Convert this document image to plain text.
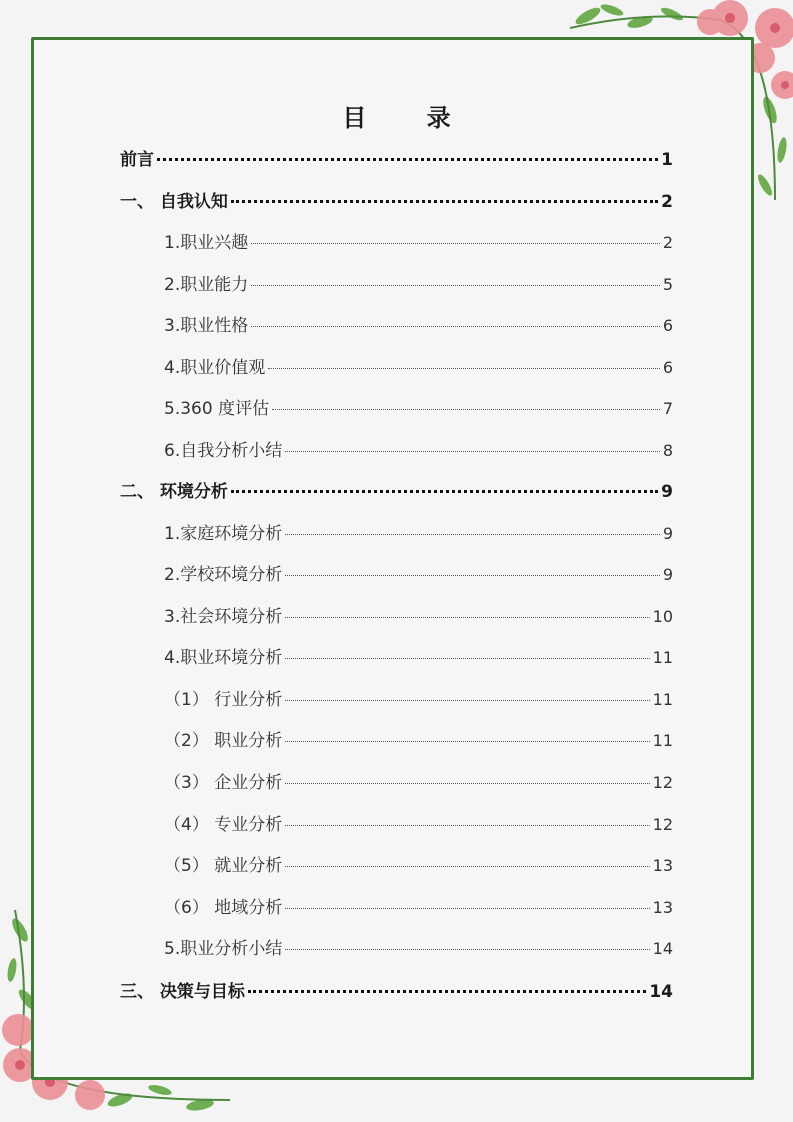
目 录
前言	1
一、 自我认知	2
1.职业兴趣	2
2.职业能力	5
3.职业性格	6
4.职业价值观	6
5.360 度评估	7
6.自我分析小结	8
二、 环境分析	9
1.家庭环境分析	9
2.学校环境分析	9
3.社会环境分析	10
4.职业环境分析	11
（1） 行业分析	11
（2） 职业分析	11
（3） 企业分析	12
（4） 专业分析	12
（5） 就业分析	13
（6） 地域分析	13
5.职业分析小结	14
三、 决策与目标	14
